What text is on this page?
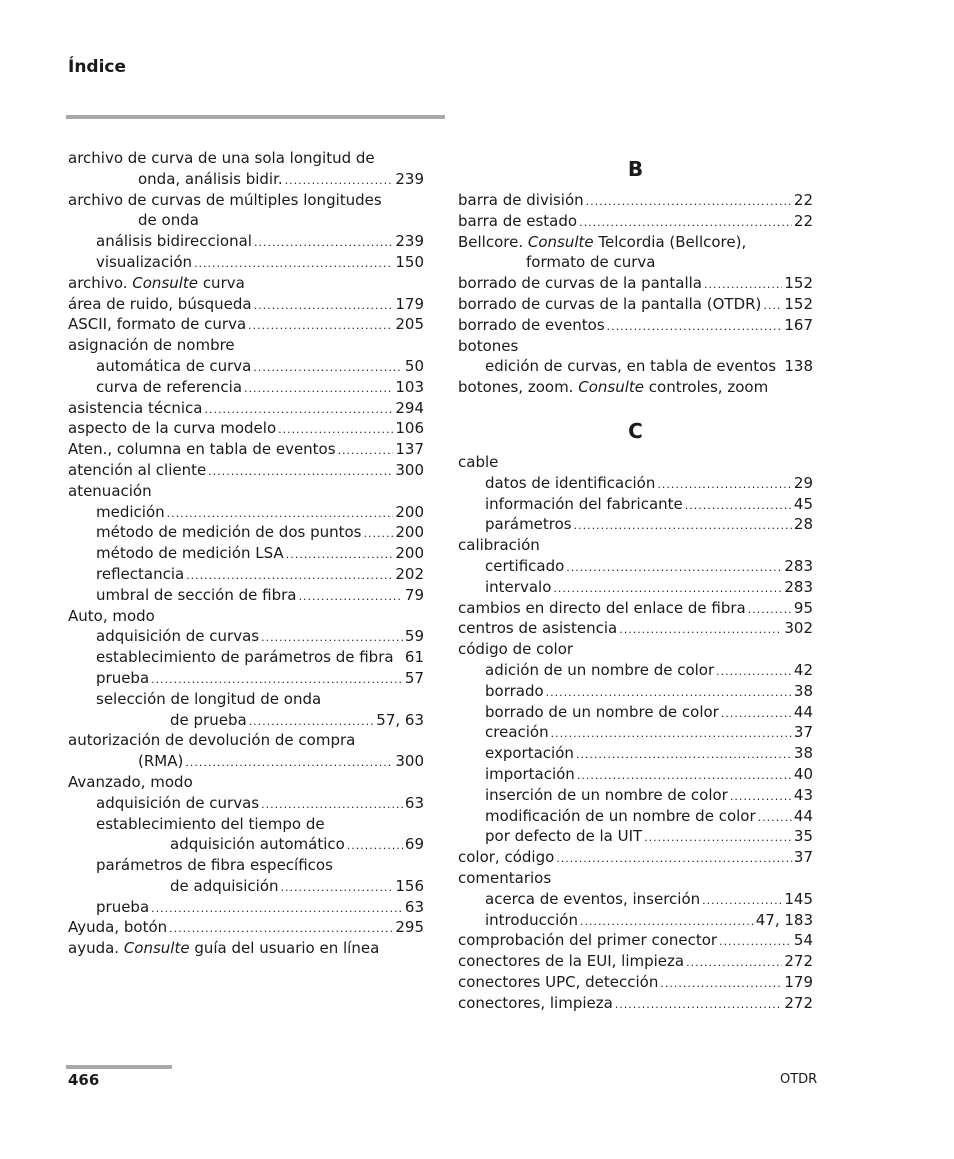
Índice
archivo de curva de una sola longitud de
onda, análisis bidir. .....	239
archivo de curvas de múltiples longitudes
de onda
análisis bidireccional .....	239
visualización .....	150
archivo. Consulte curva
área de ruido, búsqueda .....	179
ASCII, formato de curva .....	205
asignación de nombre
automática de curva .....	50
curva de referencia .....	103
asistencia técnica .....	294
aspecto de la curva modelo .....	106
Aten., columna en tabla de eventos .....	137
atención al cliente .....	300
atenuación
medición .....	200
método de medición de dos puntos ..... 200
método de medición LSA .....	200
reflectancia .....	202
umbral de sección de fibra .....	79
Auto, modo
adquisición de curvas .....	59
establecimiento de parámetros de fibra 61
prueba .....	57
selección de longitud de onda
de prueba .....	57, 63
autorización de devolución de compra
(RMA) .....	300
Avanzado, modo
adquisición de curvas .....	63
establecimiento del tiempo de
adquisición automático .....	69
parámetros de fibra específicos
de adquisición .....	156
prueba .....	63
Ayuda, botón .....	295
ayuda. Consulte guía del usuario en línea
B
barra de división .....	22
barra de estado .....	22
Bellcore. Consulte Telcordia (Bellcore),
formato de curva
borrado de curvas de la pantalla .....	152
borrado de curvas de la pantalla (OTDR) ..... 152
borrado de eventos .....	167
botones
edición de curvas, en tabla de eventos 138
botones, zoom. Consulte controles, zoom
C
cable
datos de identificación .....	29
información del fabricante .....	45
parámetros .....	28
calibración
certificado .....	283
intervalo .....	283
cambios en directo del enlace de fibra .....	95
centros de asistencia .....	302
código de color
adición de un nombre de color .....	42
borrado .....	38
borrado de un nombre de color .....	44
creación .....	37
exportación .....	38
importación .....	40
inserción de un nombre de color .....	43
modificación de un nombre de color .....	44
por defecto de la UIT .....	35
color, código .....	37
comentarios
acerca de eventos, inserción .....	145
introducción .....	47, 183
comprobación del primer conector .....	54
conectores de la EUI, limpieza .....	272
conectores UPC, detección .....	179
conectores, limpieza .....	272
466	OTDR
